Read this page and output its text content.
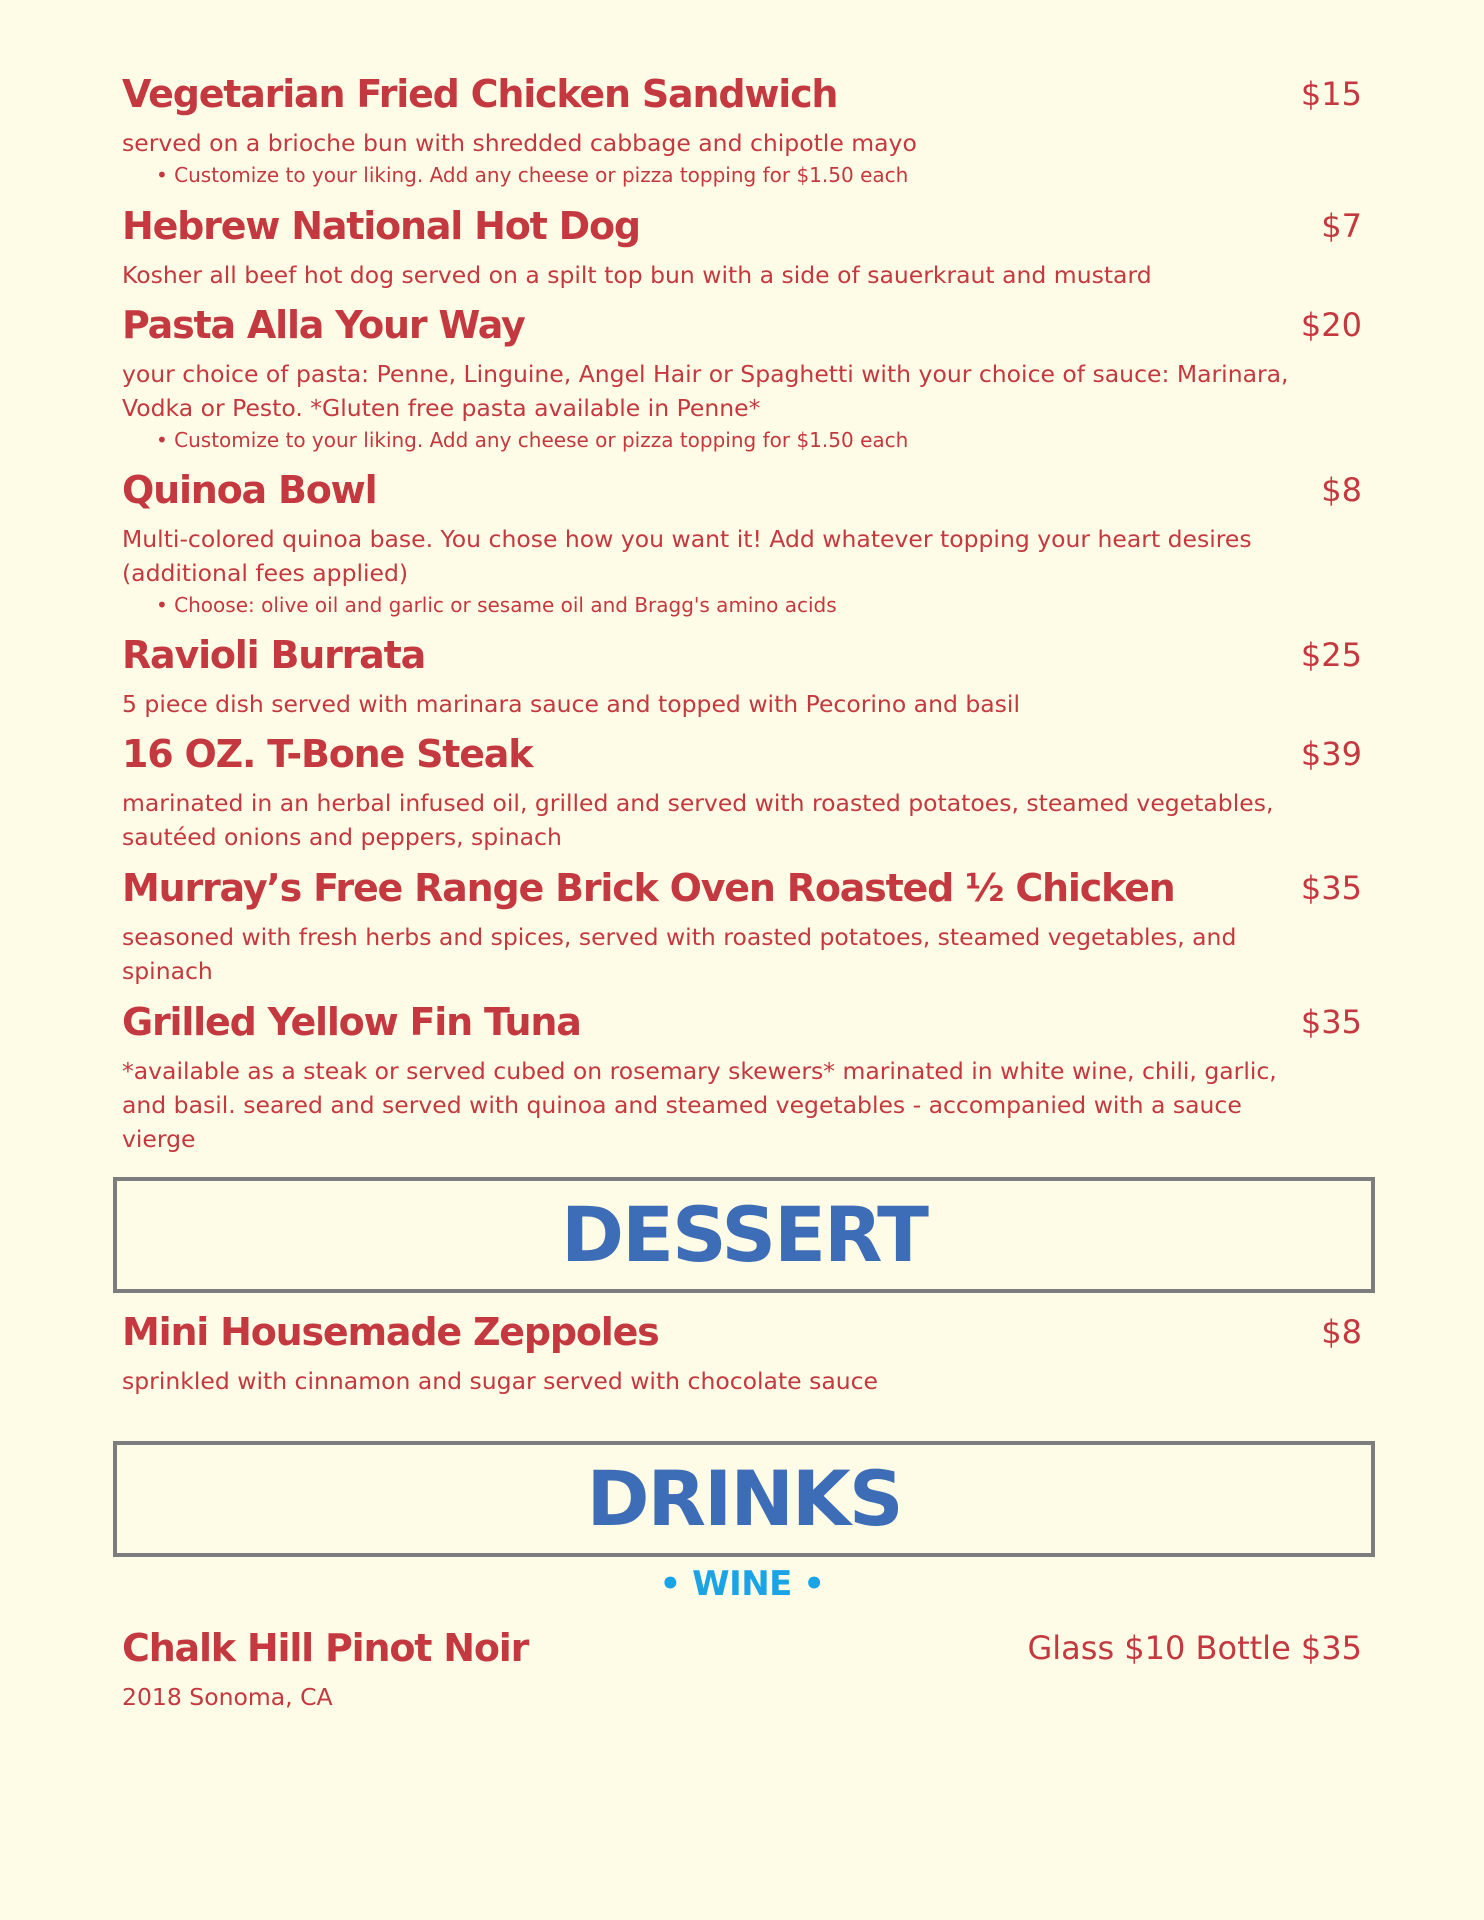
Vegetarian Fried Chicken Sandwich	$15
served on a brioche bun with shredded cabbage and chipotle mayo
• Customize to your liking. Add any cheese or pizza topping for $1.50 each
Hebrew National Hot Dog	$7
Kosher all beef hot dog served on a spilt top bun with a side of sauerkraut and mustard
Pasta Alla Your Way	$20
your choice of pasta: Penne, Linguine, Angel Hair or Spaghetti with your choice of sauce: Marinara, Vodka or Pesto. *Gluten free pasta available in Penne*
• Customize to your liking. Add any cheese or pizza topping for $1.50 each
Quinoa Bowl	$8
Multi-colored quinoa base. You chose how you want it! Add whatever topping your heart desires (additional fees applied)
• Choose: olive oil and garlic or sesame oil and Bragg's amino acids
Ravioli Burrata	$25
5 piece dish served with marinara sauce and topped with Pecorino and basil
16 OZ. T-Bone Steak	$39
marinated in an herbal infused oil, grilled and served with roasted potatoes, steamed vegetables, sautéed onions and peppers, spinach
Murray’s Free Range Brick Oven Roasted ½ Chicken	$35
seasoned with fresh herbs and spices, served with roasted potatoes, steamed vegetables, and spinach
Grilled Yellow Fin Tuna	$35
*available as a steak or served cubed on rosemary skewers* marinated in white wine, chili, garlic, and basil. seared and served with quinoa and steamed vegetables - accompanied with a sauce vierge
DESSERT
Mini Housemade Zeppoles	$8
sprinkled with cinnamon and sugar served with chocolate sauce
DRINKS
• WINE •
Chalk Hill Pinot Noir	Glass $10 Bottle $35
2018 Sonoma, CA
